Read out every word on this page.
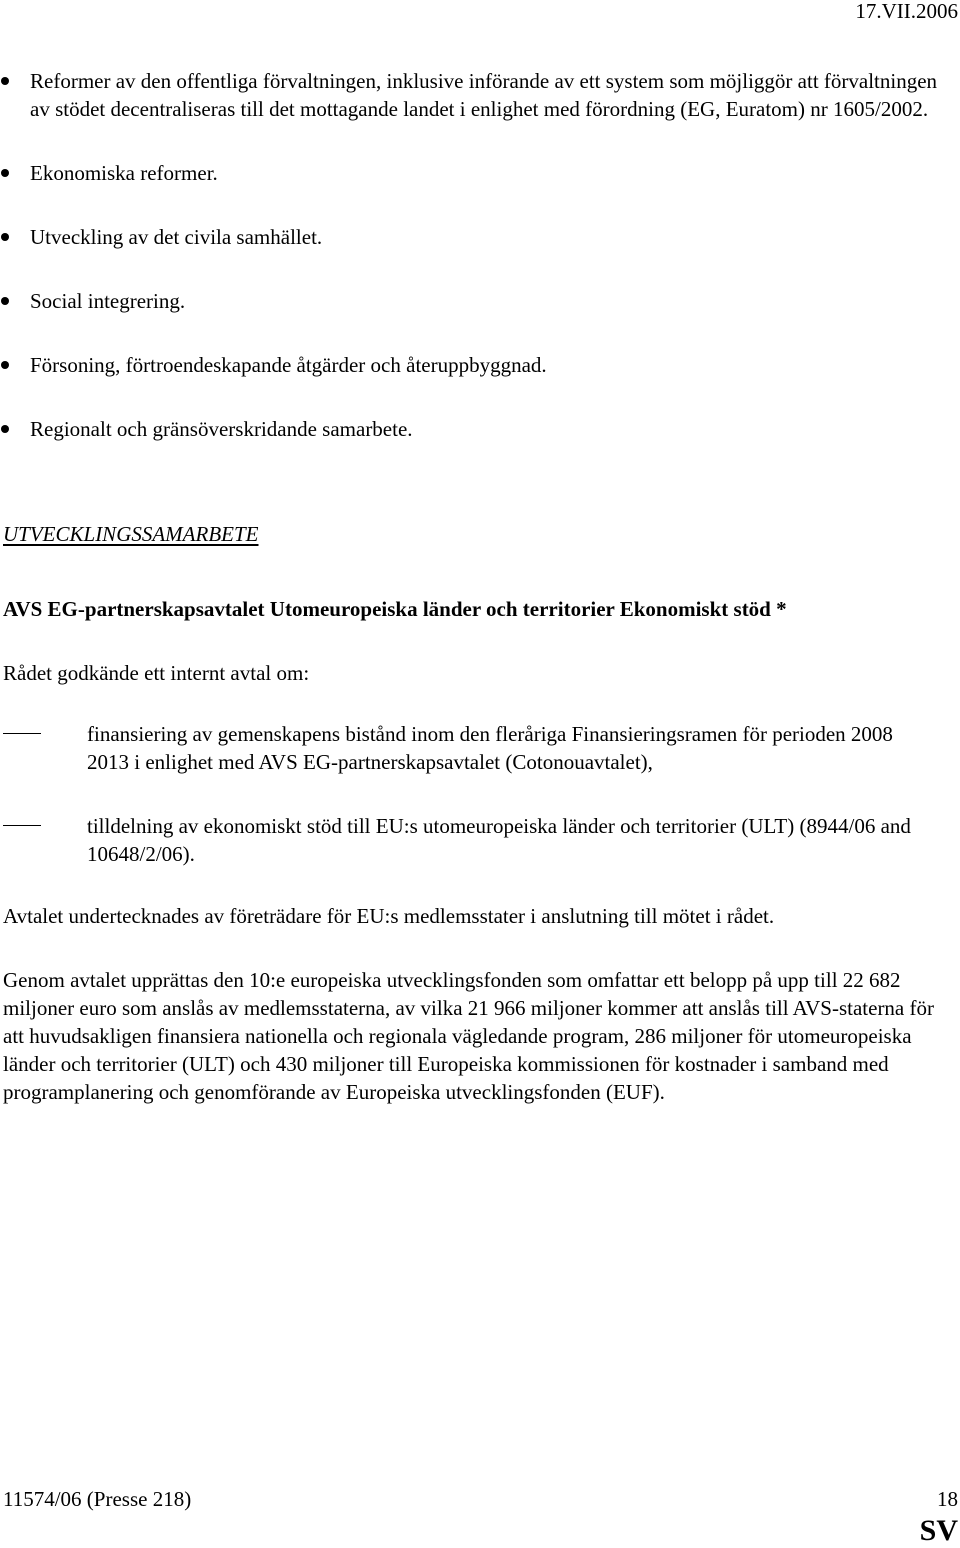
17.VII.2006
Reformer av den offentliga förvaltningen, inklusive införande av ett system som möjliggör att förvaltningen av stödet decentraliseras till det mottagande landet i enlighet med förordning (EG, Euratom) nr 1605/2002.
Ekonomiska reformer.
Utveckling av det civila samhället.
Social integrering.
Försoning, förtroendeskapande åtgärder och återuppbyggnad.
Regionalt och gränsöverskridande samarbete.
UTVECKLINGSSAMARBETE
AVS EG-partnerskapsavtalet Utomeuropeiska länder och territorier Ekonomiskt stöd *
Rådet godkände ett internt avtal om:
finansiering av gemenskapens bistånd inom den fleråriga Finansieringsramen för perioden 2008 2013 i enlighet med AVS EG-partnerskapsavtalet (Cotonouavtalet),
tilldelning av ekonomiskt stöd till EU:s utomeuropeiska länder och territorier (ULT) (8944/06 and 10648/2/06).
Avtalet undertecknades av företrädare för EU:s medlemsstater i anslutning till mötet i rådet.
Genom avtalet upprättas den 10:e europeiska utvecklingsfonden som omfattar ett belopp på upp till 22 682 miljoner euro som anslås av medlemsstaterna, av vilka 21 966 miljoner kommer att anslås till AVS-staterna för att huvudsakligen finansiera nationella och regionala vägledande program, 286 miljoner för utomeuropeiska länder och territorier (ULT) och 430 miljoner till Europeiska kommissionen för kostnader i samband med programplanering och genomförande av Europeiska utvecklingsfonden (EUF).
11574/06 (Presse 218)	18
SV
